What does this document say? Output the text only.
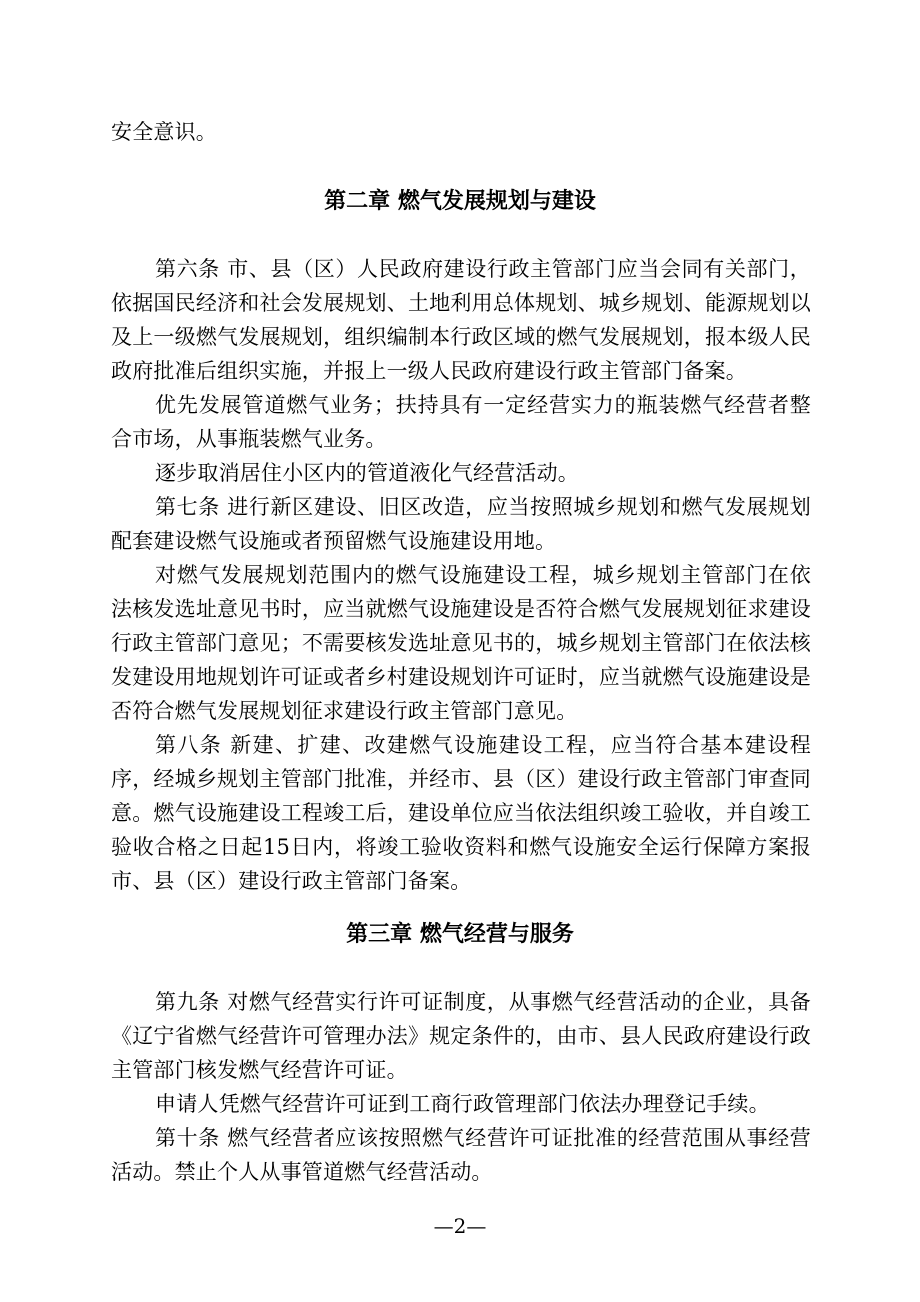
安全意识。

第二章 燃气发展规划与建设

第六条 市、县（区）人民政府建设行政主管部门应当会同有关部门，依据国民经济和社会发展规划、土地利用总体规划、城乡规划、能源规划以及上一级燃气发展规划，组织编制本行政区域的燃气发展规划，报本级人民政府批准后组织实施，并报上一级人民政府建设行政主管部门备案。

优先发展管道燃气业务；扶持具有一定经营实力的瓶装燃气经营者整合市场，从事瓶装燃气业务。

逐步取消居住小区内的管道液化气经营活动。

第七条 进行新区建设、旧区改造，应当按照城乡规划和燃气发展规划配套建设燃气设施或者预留燃气设施建设用地。

对燃气发展规划范围内的燃气设施建设工程，城乡规划主管部门在依法核发选址意见书时，应当就燃气设施建设是否符合燃气发展规划征求建设行政主管部门意见；不需要核发选址意见书的，城乡规划主管部门在依法核发建设用地规划许可证或者乡村建设规划许可证时，应当就燃气设施建设是否符合燃气发展规划征求建设行政主管部门意见。

第八条 新建、扩建、改建燃气设施建设工程，应当符合基本建设程序，经城乡规划主管部门批准，并经市、县（区）建设行政主管部门审查同意。燃气设施建设工程竣工后，建设单位应当依法组织竣工验收，并自竣工验收合格之日起15日内，将竣工验收资料和燃气设施安全运行保障方案报市、县（区）建设行政主管部门备案。

第三章 燃气经营与服务

第九条 对燃气经营实行许可证制度，从事燃气经营活动的企业，具备《辽宁省燃气经营许可管理办法》规定条件的，由市、县人民政府建设行政主管部门核发燃气经营许可证。

申请人凭燃气经营许可证到工商行政管理部门依法办理登记手续。

第十条 燃气经营者应该按照燃气经营许可证批准的经营范围从事经营活动。禁止个人从事管道燃气经营活动。

—2—
